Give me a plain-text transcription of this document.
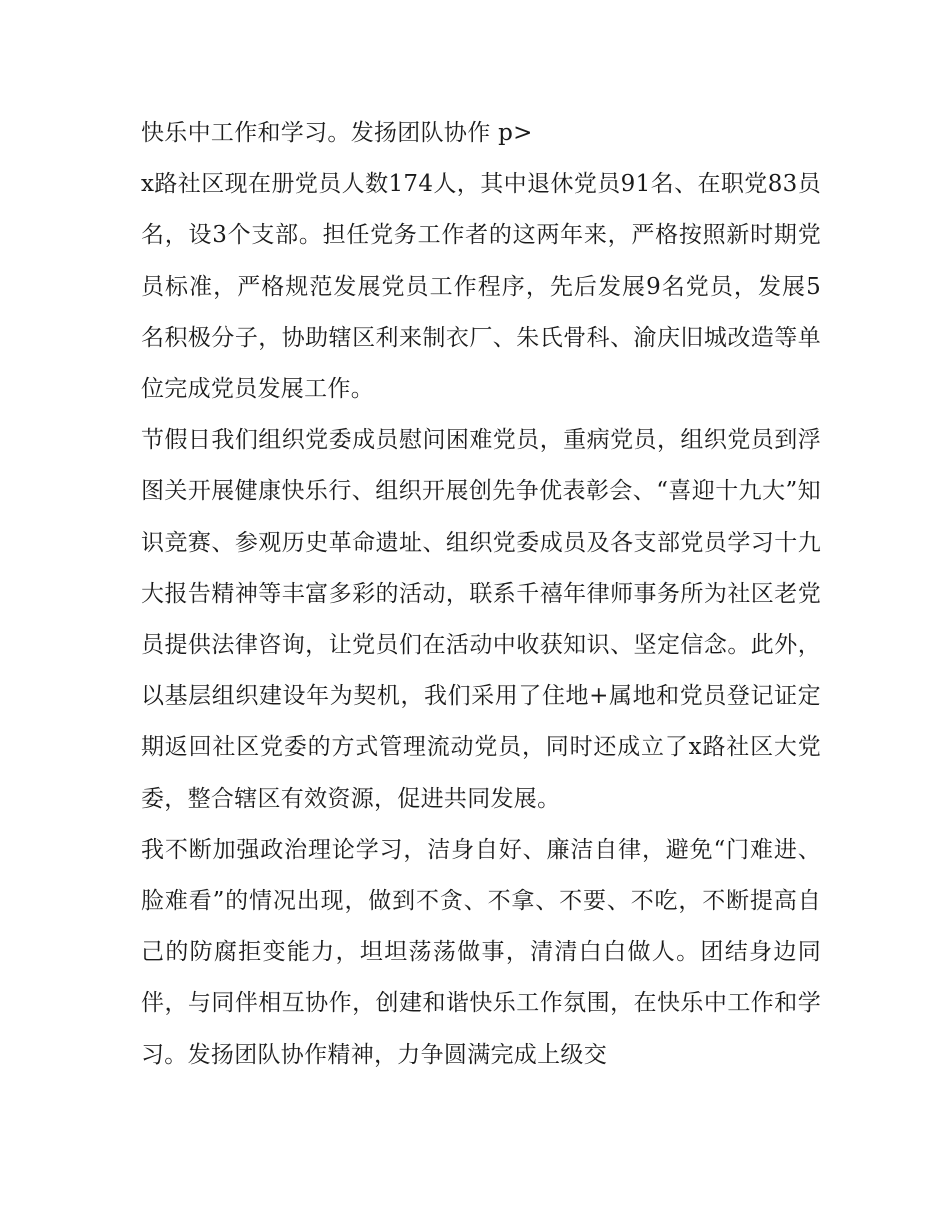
快乐中工作和学习。发扬团队协作 p>

x路社区现在册党员人数174人，其中退休党员91名、在职党83员名，设3个支部。担任党务工作者的这两年来，严格按照新时期党员标准，严格规范发展党员工作程序，先后发展9名党员，发展5名积极分子，协助辖区利来制衣厂、朱氏骨科、渝庆旧城改造等单位完成党员发展工作。

节假日我们组织党委成员慰问困难党员，重病党员，组织党员到浮图关开展健康快乐行、组织开展创先争优表彰会、“喜迎十九大”知识竞赛、参观历史革命遗址、组织党委成员及各支部党员学习十九大报告精神等丰富多彩的活动，联系千禧年律师事务所为社区老党员提供法律咨询，让党员们在活动中收获知识、坚定信念。此外，以基层组织建设年为契机，我们采用了住地+属地和党员登记证定期返回社区党委的方式管理流动党员，同时还成立了x路社区大党委，整合辖区有效资源，促进共同发展。

我不断加强政治理论学习，洁身自好、廉洁自律，避免“门难进、脸难看”的情况出现，做到不贪、不拿、不要、不吃，不断提高自己的防腐拒变能力，坦坦荡荡做事，清清白白做人。团结身边同伴，与同伴相互协作，创建和谐快乐工作氛围，在快乐中工作和学习。发扬团队协作精神，力争圆满完成上级交
